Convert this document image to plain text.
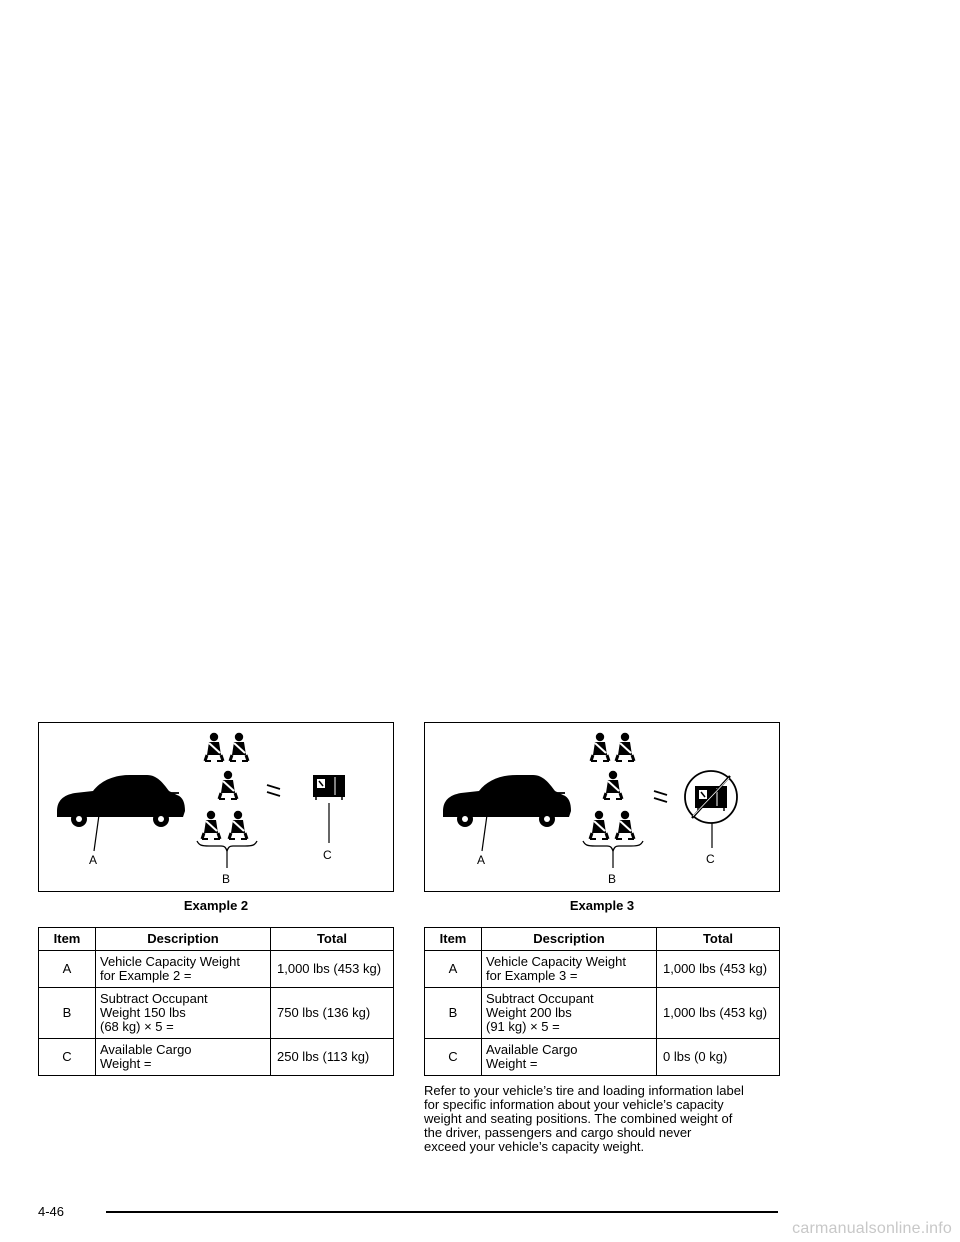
A
B
C
Example 2
Item	Description	Total
A	Vehicle Capacity Weight
for Example 2 =	1,000 lbs (453 kg)
B	Subtract Occupant
Weight 150 lbs
(68 kg) × 5 =	750 lbs (136 kg)
C	Available Cargo
Weight =	250 lbs (113 kg)
A
B
C
Example 3
Item	Description	Total
A	Vehicle Capacity Weight
for Example 3 =	1,000 lbs (453 kg)
B	Subtract Occupant
Weight 200 lbs
(91 kg) × 5 =	1,000 lbs (453 kg)
C	Available Cargo
Weight =	0 lbs (0 kg)
Refer to your vehicle’s tire and loading information label
for specific information about your vehicle’s capacity
weight and seating positions. The combined weight of
the driver, passengers and cargo should never
exceed your vehicle’s capacity weight.
4-46
carmanualsonline.info
